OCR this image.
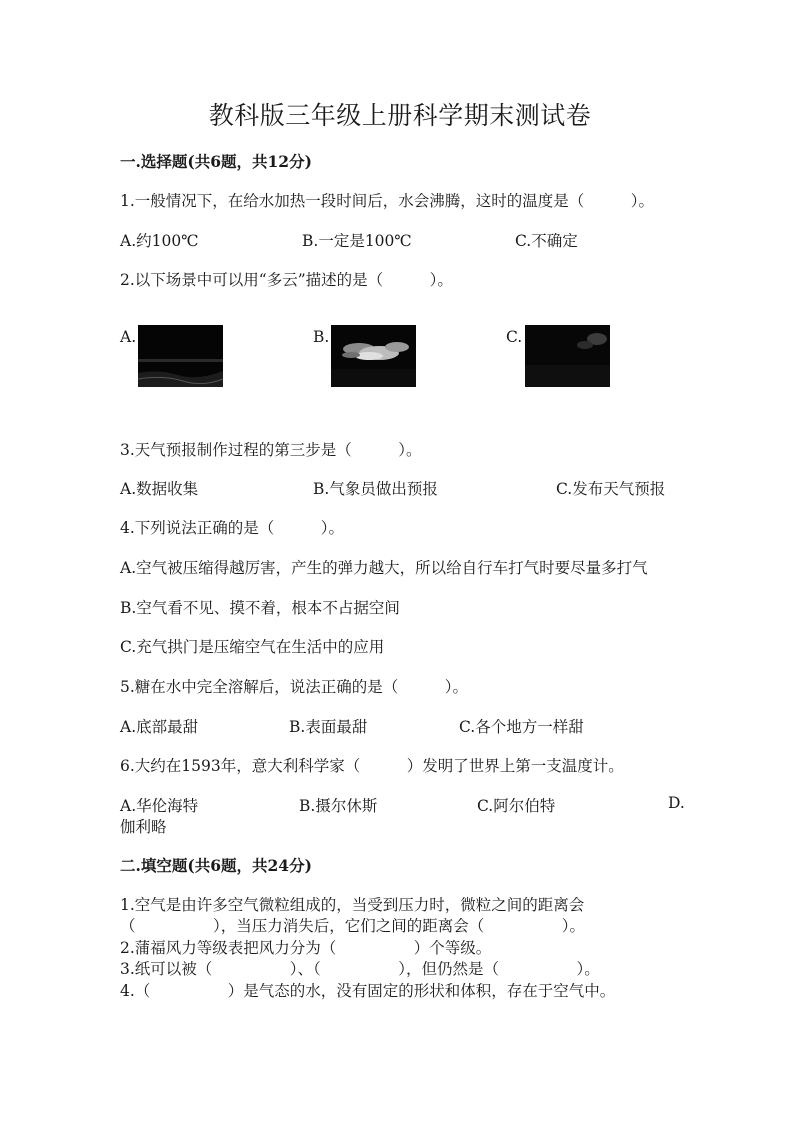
教科版三年级上册科学期末测试卷
一.选择题(共6题，共12分)
1.一般情况下，在给水加热一段时间后，水会沸腾，这时的温度是（　　　）。
A.约100℃	B.一定是100℃	C.不确定
2.以下场景中可以用“多云”描述的是（　　　）。
A.	B.	C.
3.天气预报制作过程的第三步是（　　　）。
A.数据收集	B.气象员做出预报	C.发布天气预报
4.下列说法正确的是（　　　）。
A.空气被压缩得越厉害，产生的弹力越大，所以给自行车打气时要尽量多打气
B.空气看不见、摸不着，根本不占据空间
C.充气拱门是压缩空气在生活中的应用
5.糖在水中完全溶解后，说法正确的是（　　　）。
A.底部最甜	B.表面最甜	C.各个地方一样甜
6.大约在1593年，意大利科学家（　　　）发明了世界上第一支温度计。
A.华伦海特	B.摄尔休斯	C.阿尔伯特	D.
伽利略
二.填空题(共6题，共24分)
1.空气是由许多空气微粒组成的，当受到压力时，微粒之间的距离会
（　　　　　），当压力消失后，它们之间的距离会（　　　　　）。
2.蒲福风力等级表把风力分为（　　　　　）个等级。
3.纸可以被（　　　　　）、（　　　　　），但仍然是（　　　　　）。
4.（　　　　　）是气态的水，没有固定的形状和体积，存在于空气中。
